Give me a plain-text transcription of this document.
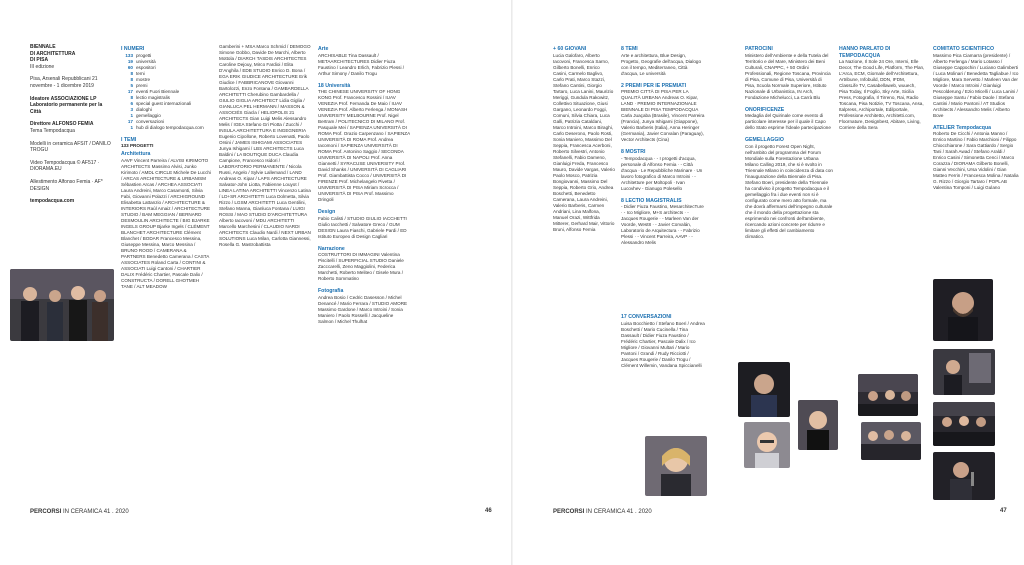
BIENNALE
DI ARCHITETTURA
DI PISA
III edizione
Pisa, Arsenali Repubblicani 21 novembre - 1 dicembre 2019
Ideatore ASSOCIAZIONE LP Laboratorio permanente per la Città
Direttore ALFONSO FEMIA
Tema Tempodacqua
Modelli in ceramica AFSIT / DANILO TROGU
Video Tempodacqua © AF517 · DIORAMA.EU
Allestimento Alfonso Femia · AF* DESIGN
tempodacqua.com
I NUMERI
133 progetti
19 università
60 espositori
8 temi
8 mostre
5 premi
17 eventi Fuori Biennale
8 lectio magistralis
6 special guest internazionali
3 dialoghi
1 gemellaggio
17 conversazioni
1 hub di dialogo tempodacqua.com
I TEMI
133 PROGETTI
Architettura
AAVF Vincent Parreira / ALVISI KIRIMOTO ARCHITECTS Massimo Alvisi, Junko Kirimoto / AMDL CIRCLE Michele De Lucchi / ARCAS ARCHITECTURE & URBANISM Sébastien Arcas / ARCHEA ASSOCIATI Laura Andreini, Marco Casamonti, Silvia Fabi, Giovanni Polazzi / ARCHIGROUND Elisabetta Lattanzio / ARCHITECTURE & INTERIORS Raúl Amaiz / ARCHITECTURE STUDIO / BAM MEGGIAN / BERNARD DESMOULIN ARCHITECTE / BIG BJARKE INGELS GROUP Bjarke Ingels / CLÉMENT BLANCHET ARCHITECTURE Clément Blanchet / BODAR Francesco Messina, Giuseppe Messina, Marco Messina / BRUNO ROOD / CAMERANA & PARTNERS Benedetto Camerana / CASTA ASSOCIATES Roland Carta / CONTINI & ASSOCIATI Luigi Cantoni / CHARTIER DALIX Frédéric Chartier, Pascale Dalix / CONSTRUCTA / DORELL GHOTMEH TANE / ALT MEADOW
Gamberini + MSA Marco Schmid / DEMOGO Simone Gobbo, Davide De Marchi, Alberto Mottola / DIARCH TASDIS ARCHITECTES Caroline Dejouy, Mirco Fardioi / Elita D'Anghila / EDB STUDIO Enrico D. Bona / EGA ERIK GIUDICE ARCHITECTURE Erik Giudice / FABBRICANOVE Giovanni Bartolozzi, Enzo Fontana / GAMBARDELLA ARCHITETTI Cherubino Gambardella / GIULIO GIGLIA ARCHITECT Lidia Giglia / GIANLUCA PEL HERMANN / MASSON & ASSOCIÉS Giacla / HELIOPOLIS 21 ARCHITECTS Gian Luigi Melis Alessandro Melis / IGEA Stefano Gri Piotta / Zucchi / INSULA ARCHITETTURA E INGEGNERIA Eugenio Cipollone, Roberto Lovenatti, Paolo Orsini / JAMES ISHIGAMI ASSOCIATES Junya Ishigami / LBS ARCHITECTS Luca Baldini / LA BOUTIQUE DUCA Claudia Campione, Francesco Isidori / LABORATORIO PERMANENTE / Nicola Russi, Angelo / Sylvie Lallemand / LAND Andreas O. Kipar / LAPS ARCHITECTURE Salvator-John Liotta, Fabienne Louyot / LINEA LATINA ARCHITETTI Vincenzo Latina / LD+SR ARCHITETTI Luca Dolmetta, Silvia Rizzo / LGSM ARCHITETTI Luca Gentilini, Stefano Manna, Gianluca Fontana / LUIGI ROSSI / MAO STUDIO D'ARCHITETTURA Alberto Iacovoni / MDU ARCHITETTI Marcello Marchesini / CLAUDIO NARDI ARCHITECTS Claudio Nardi / NEXT URBAN SOLUTIONS Luca Milan, Carlotta Giannessi, Rosella G. Mastrobattista
Arte
ARCHISABLE Tina Dassault / METAARCHITECTURES Didier Fiuza Faustino / Leandro Erlich, Fabrizio Plessi / Arthur Simony / Danilo Trogu
18 Università
THE CHINESE UNIVERSITY OF HONG KONG Prof. Francesco Rossini / IUAV VENEZIA Prof. Fernanda De Maio / IUAV VENEZIA Prof. Alberto Ferlenga / MONASH UNIVERSITY MELBOURNE Prof. Nigel Bertram / POLITECNICO DI MILANO Prof. Pasquale Mei / SAPIENZA UNIVERSITÀ DI ROMA Prof. Orazio Carpenzano / SAPIENZA UNIVERSITÀ DI ROMA Prof. Andrea Iacomoni / SAPIENZA UNIVERSITÀ DI ROMA Prof. Antonino Saggio / SECONDA UNIVERSITÀ DI NAPOLI Prof. Anna Giannetti / SYRACUSE UNIVERSITY Prof. David Shanks / UNIVERSITÀ DI CAGLIARI Prof. Giambattista Cocco / UNIVERSITÀ DI FIRENZE Prof. Michelangelo Pivetta / UNIVERSITÀ DI PISA Miriam Scrocca / UNIVERSITÀ DI PISA Prof. Massimo Dringoli
Design
Fabio Calisti / STUDIO GIULIO IACCHETTI Giulio Iacchetti / Salvatore Greco / GUM DESIGN Laura Fiaschi, Gabriele Pardi / ED Istituto Europeo di Design Cagliari
Narrazione
COSTRUTTORI DI IMMAGINI Valentina Piscitelli / SUPERFICIAL STUDIO Daniele Zacccarelli, Zeno Maggiolini, Federica Marchetti, Roberto Meliteo / Gisele Mura / Roberto Sommatino
Fotografia
Andrea Bosio / Cedric Dasesson / Michel Denancé / Mario Ferrara / STUDIO AMORE Massimo Gardone / Marco Introini / Sonia Maniero / Paolo Rosselli / Jacqueline Salmon / Michel Thulhat
+ 60 GIOVANI
Lucia Galofaro, Alberto Iacovoni, Francesca Sarno, Gilberto Bonelli, Enrico Casini, Carmelo Baglivo, Carlo Prati, Marco Stazzi, Stefano Cantini, Giorgio Tartaro, Luca Lanini, Maurizio Meriggi, Gundula Rakowitz, Collettivo Situazione, Giusi Gargano, Leonardo Foggi, Comuni, Silvia Chiara, Luca Galli, Patrizia Cataldani, Marco Introini, Marco Biraghi, Carlo Deserono, Paolo Rosti, Sonia Maniero, Massimo Del Seppia, Francesca Acerboni, Roberto Silvestri, Antonio Stefanelli, Fabio Dameno, Gianluigi Freda, Francesco Mauro, Davide Vargas, Valerio Paolo Mosco, Patrizia Bongiovanni, Massimo Del Seppia, Roberto Grio, Andrea Boschetti, Benedetto Camerana, Laura Andreini, Valerio Barberis, Carmen Andriani, Lina Malfona, Manuel Orazi, Wittfrida Mitterer, Gerhard Mair, Vittorio Bruni, Alfonso Femia
8 TEMI
Arte e architettura, Blue Design, Progetto, Geografie dell'acqua, Dialogo con il tempo, Mediterraneo, Città d'acqua, Le università
2 PREMI PER IE PREMIATI
PREMIO CITTÀ DI PISA PER LA QUALITÀ URBANA Andreas O. Kipar, LAND · PREMIO INTERNAZIONALE BIENNALE DI PISA TEMPODACQUA Carla Juaçaba (Brasile), Vincent Parreira (Francia), Junya Ishigami (Giappone), Valerio Barberis (Italia), Anna Heringer (Germania), Javier Corvalan (Paraguay), Vector Architects (Cina)
8 MOSTRI
- Tempodacqua · - I progetti d'acqua, personale di Alfonso Femia · - Città d'acqua · Le Repubbliche Marinare · Un lavoro fotografico di Marco Introini · - Architetture per Moltopoli · Ivan Lucovhev - Gianugo Polesello
8 LECTIO MAGISTRALIS
- Didier Fiuza Faustino, MesarchitecTure · - Ico Migliore, M+S architects · - Jacques Rougerie · - Marleen Van der Voorde, West8 · - Javier Corvalán, Laboratorio de Arquitectura · - Fabrizio Plessi · - Vincent Parreira, AAVP · - Alessandro Melis
17 CONVERSAZIONI
Luisa Bocchietto / Stefano Boeri / Andrea Boschetti / Mario Cucinella / Tina Dassault / Didier Fiuza Faustino / Frédéric Chartier, Pascale Dalix / Ico Migliore / Giovanni Multari / Mario Pantoni / Grandi / Rudy Ricciotti / Jacques Rougerie / Danilo Trogu / Clément Willemin, Vandana Spiccianelli
PATROCINI
Ministero dell'Ambiente e della Tutela del Territorio e del Mare, Ministero dei Beni Culturali, CNAPPC, + 50 Ordini Professionali, Regione Toscana, Provincia di Pisa, Comune di Pisa, Università di Pisa, Scuola Normale Superiore, Istituto Nazionale di Urbanistica, IN Arch, Fondazione Michelucci, La Carrà Blu
ONORIFICENZE
Medaglia del Quirinale come evento di particolare interesse per il quale il Capo dello Stato esprime l'ideale partecipazione
GEMELLAGGIO
Con il progetto Forest Open Night, nell'ambito del programma del Forum Mondiale sulla Forestazione Urbana Milano Calling 2019, che si è svolto in Triennale Milano in coincidenza di data con l'inaugurazione della Biennale di Pisa. Stefano Boeri, presidente della Triennale ha condiviso il progetto Tempodacqua e il gemellaggio fra i due eventi non si è configurato come mero atto formale, ma che dovrà affermarsi dell'impegno culturale che il mondo della progettazione sta esprimendo nei confronti dell'ambiente, ricercando azioni concrete per ridurre e limitare gli effetti del cambiamento climatico.
HANNO PARLATO DI TEMPODACQUA
La Nazione, Il Sole 24 Ore, Interni, Elle Decor, The Good Life, Platform, The Plan, L'Arca, ECM, Giornale dell'Architettura, Artribune, Infobuild, DDN, IFDM, ClassLife TV, Casabellaweb, wuuech, Pisa Today, Il Foglio, Sky Arte, Sicilia Press, Fotografia, Il Tirreno, Rai, Radio Toscana, Pisa Notizie, TV Toscana, Ansa, Italpress, Archiportale, Edilportale, Professione Architetto, Architetti.com, Floornature, Designbest, Abitare, Living, Corriere della Sera
COMITATO SCIENTIFICO
Massimo Pica Ciamarra (presidente) / Alberto Ferlenga / Mario Lotasso / Giuseppe Cappochin / Luciano Galimberti / Luca Molinari / Benedetta Tagliabue / Ico Migliore, Mara Servetto / Marleen Van der Voorde / Marco Introini / Gianluigi Pescolderung / Ezio Micelli / Luca Lanini / Giuseppe Santu / Fabio Daole / Stefano Cantini / Mario Pantoni / AT Studios Architects / Alessandro Melis / Alberto Bove
ATELIER Tempodacqua
Roberto De Cicchi / Antonia Manno / Enrico Martino / Fabio Marchioni / Filippo Chiocchiarone / Sara Gattiardo / Sergio Tani / Sarah Awad / Stefano Araldi / Enrico Casini / Simonetta Cenci / Marco Corazza / DIORAMA Gilberto Bonelli, Gianni Vecchini, Ursa Vidolini / Gian Matteo Ferrin / Francesca Molina / Natalia G. Rizzo / Giorgio Tartaro / POPLAB Valentina Tomponi / Luigi Gulano
PERCORSI IN CERAMICA 41 . 2020	46	PERCORSI IN CERAMICA 41 . 2020	47
